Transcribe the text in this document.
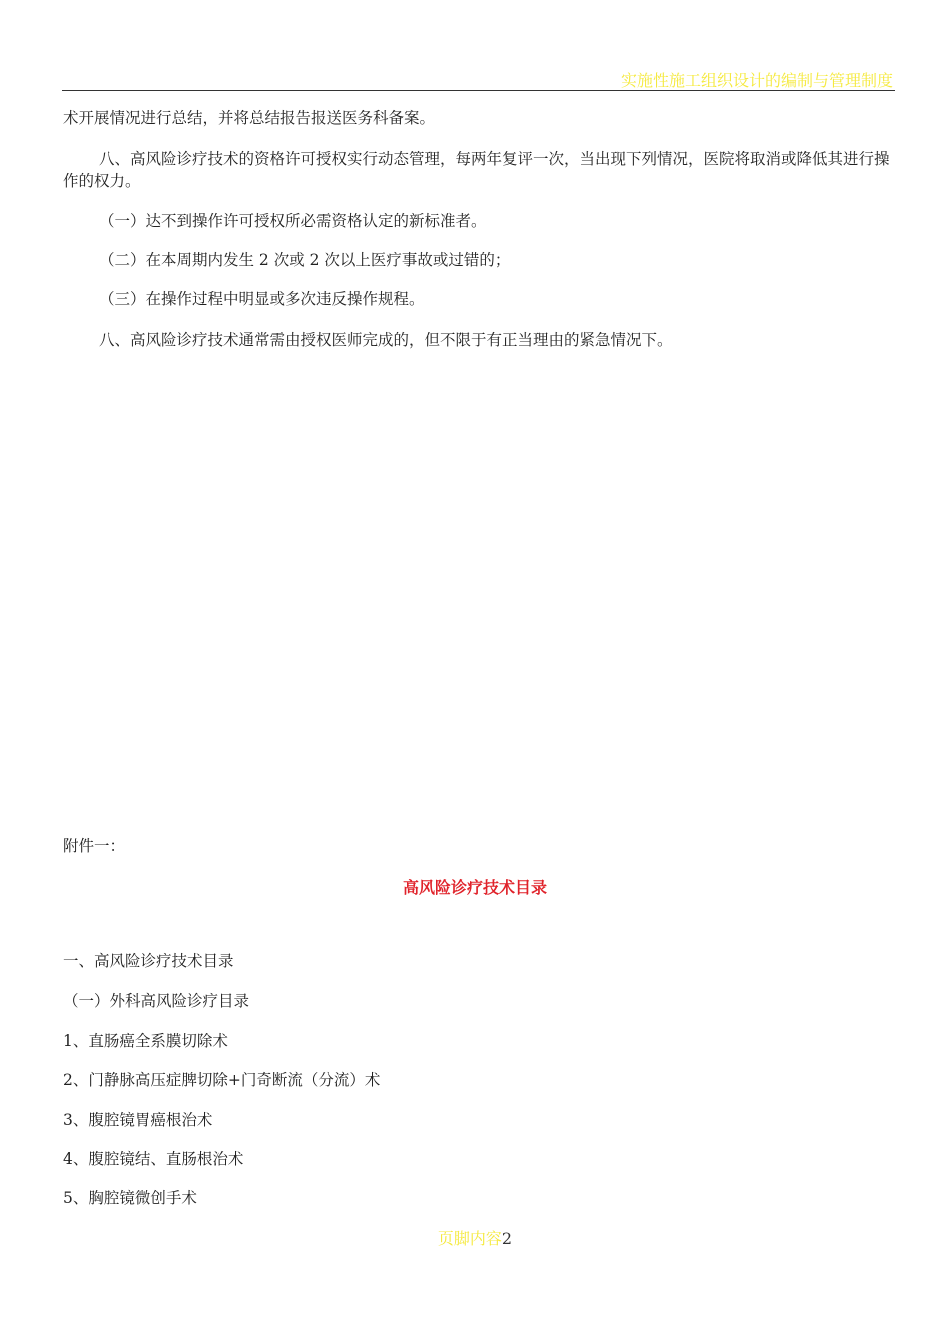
实施性施工组织设计的编制与管理制度
术开展情况进行总结，并将总结报告报送医务科备案。
八、高风险诊疗技术的资格许可授权实行动态管理，每两年复评一次，当出现下列情况，医院将取消或降低其进行操作的权力。
（一）达不到操作许可授权所必需资格认定的新标准者。
（二）在本周期内发生 2 次或 2 次以上医疗事故或过错的；
（三）在操作过程中明显或多次违反操作规程。
八、高风险诊疗技术通常需由授权医师完成的，但不限于有正当理由的紧急情况下。
附件一：
高风险诊疗技术目录
一、高风险诊疗技术目录
（一）外科高风险诊疗目录
1、直肠癌全系膜切除术
2、门静脉高压症脾切除+门奇断流（分流）术
3、腹腔镜胃癌根治术
4、腹腔镜结、直肠根治术
5、胸腔镜微创手术
页脚内容2
